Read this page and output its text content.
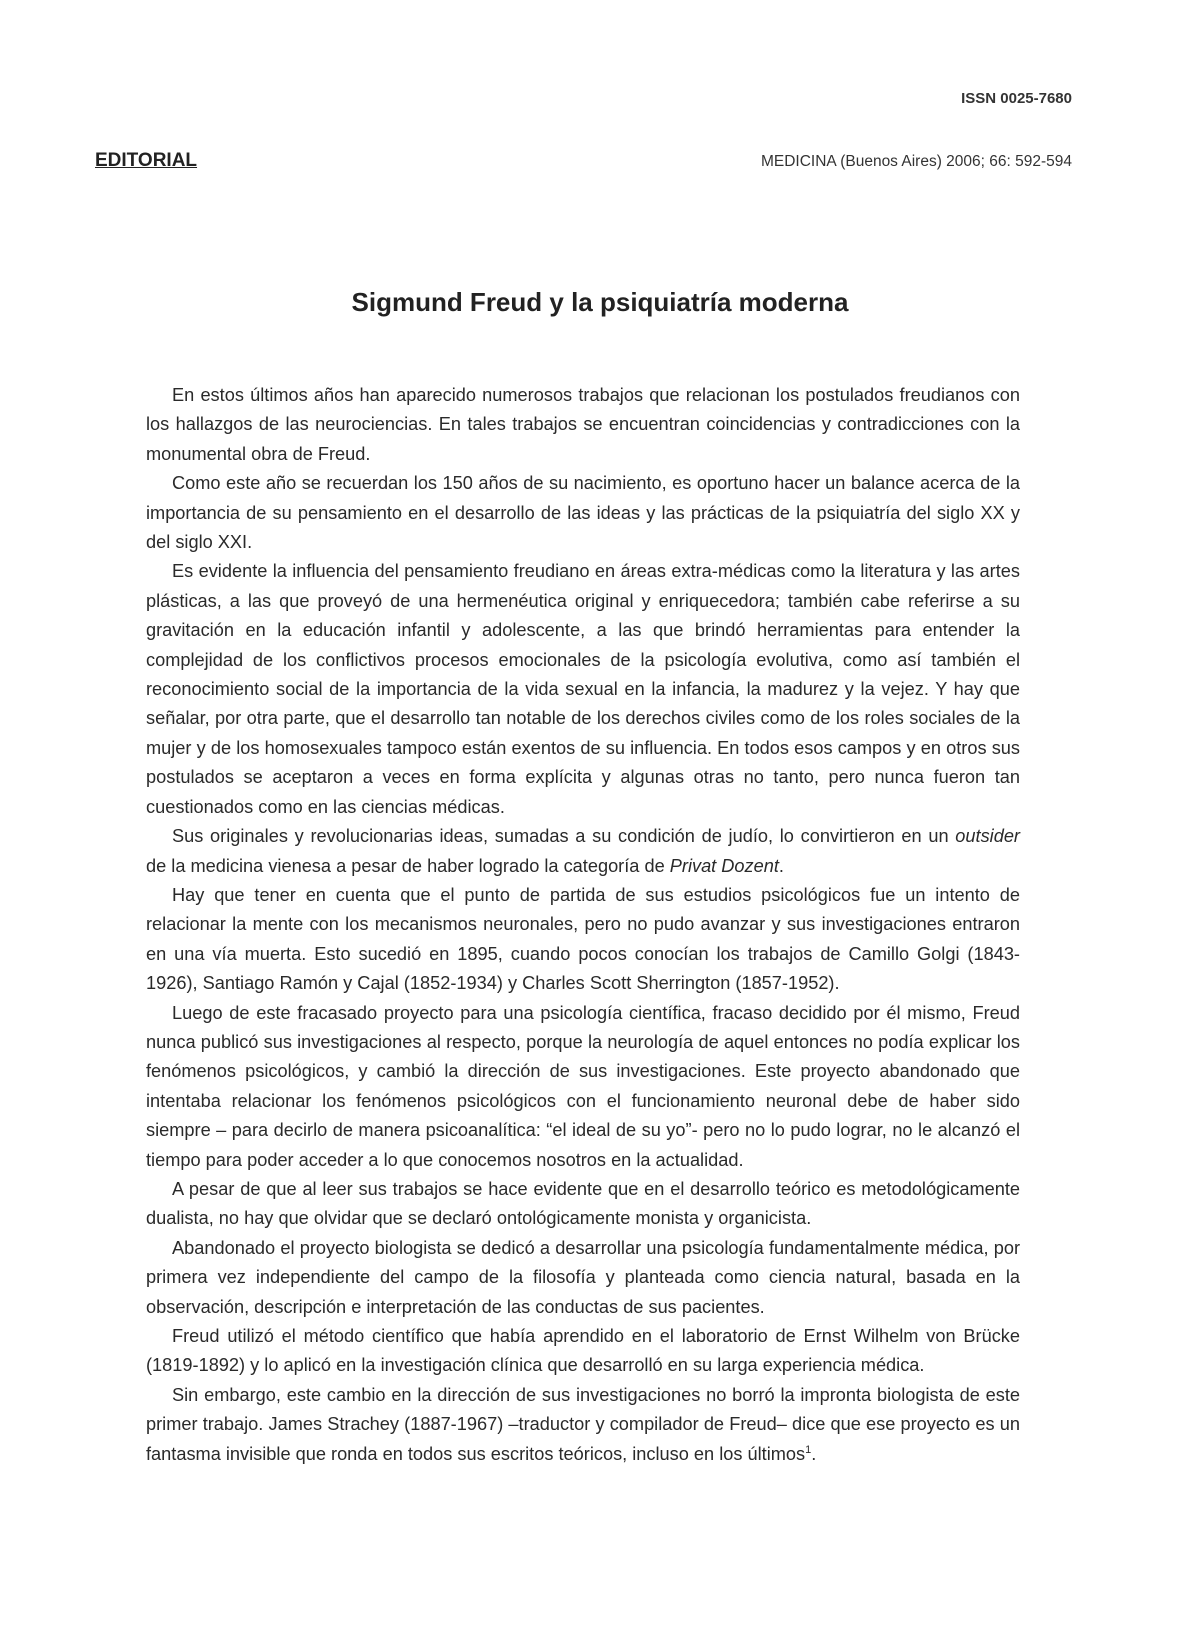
ISSN 0025-7680
EDITORIAL	MEDICINA (Buenos Aires) 2006; 66: 592-594
Sigmund Freud y la psiquiatría moderna

En estos últimos años han aparecido numerosos trabajos que relacionan los postulados freudianos con los hallazgos de las neurociencias. En tales trabajos se encuentran coincidencias y contradicciones con la monumental obra de Freud.

Como este año se recuerdan los 150 años de su nacimiento, es oportuno hacer un balance acerca de la importancia de su pensamiento en el desarrollo de las ideas y las prácticas de la psiquiatría del siglo XX y del siglo XXI.

Es evidente la influencia del pensamiento freudiano en áreas extra-médicas como la literatura y las artes plásticas, a las que proveyó de una hermenéutica original y enriquecedora; también cabe referirse a su gravitación en la educación infantil y adolescente, a las que brindó herramientas para entender la complejidad de los conflictivos procesos emocionales de la psicología evolutiva, como así también el reconocimiento social de la importancia de la vida sexual en la infancia, la madurez y la vejez. Y hay que señalar, por otra parte, que el desarrollo tan notable de los derechos civiles como de los roles sociales de la mujer y de los homosexuales tampoco están exentos de su influencia. En todos esos campos y en otros sus postulados se aceptaron a veces en forma explícita y algunas otras no tanto, pero nunca fueron tan cuestionados como en las ciencias médicas.

Sus originales y revolucionarias ideas, sumadas a su condición de judío, lo convirtieron en un outsider de la medicina vienesa a pesar de haber logrado la categoría de Privat Dozent.

Hay que tener en cuenta que el punto de partida de sus estudios psicológicos fue un intento de relacionar la mente con los mecanismos neuronales, pero no pudo avanzar y sus investigaciones entraron en una vía muerta. Esto sucedió en 1895, cuando pocos conocían los trabajos de Camillo Golgi (1843-1926), Santiago Ramón y Cajal (1852-1934) y Charles Scott Sherrington (1857-1952).

Luego de este fracasado proyecto para una psicología científica, fracaso decidido por él mismo, Freud nunca publicó sus investigaciones al respecto, porque la neurología de aquel entonces no podía explicar los fenómenos psicológicos, y cambió la dirección de sus investigaciones. Este proyecto abandonado que intentaba relacionar los fenómenos psicológicos con el funcionamiento neuronal debe de haber sido siempre – para decirlo de manera psicoanalítica: “el ideal de su yo”- pero no lo pudo lograr, no le alcanzó el tiempo para poder acceder a lo que conocemos nosotros en la actualidad.

A pesar de que al leer sus trabajos se hace evidente que en el desarrollo teórico es metodológicamente dualista, no hay que olvidar que se declaró ontológicamente monista y organicista.

Abandonado el proyecto biologista se dedicó a desarrollar una psicología fundamentalmente médica, por primera vez independiente del campo de la filosofía y planteada como ciencia natural, basada en la observación, descripción e interpretación de las conductas de sus pacientes.

Freud utilizó el método científico que había aprendido en el laboratorio de Ernst Wilhelm von Brücke (1819-1892) y lo aplicó en la investigación clínica que desarrolló en su larga experiencia médica.

Sin embargo, este cambio en la dirección de sus investigaciones no borró la impronta biologista de este primer trabajo. James Strachey (1887-1967) –traductor y compilador de Freud– dice que ese proyecto es un fantasma invisible que ronda en todos sus escritos teóricos, incluso en los últimos$^1$.
